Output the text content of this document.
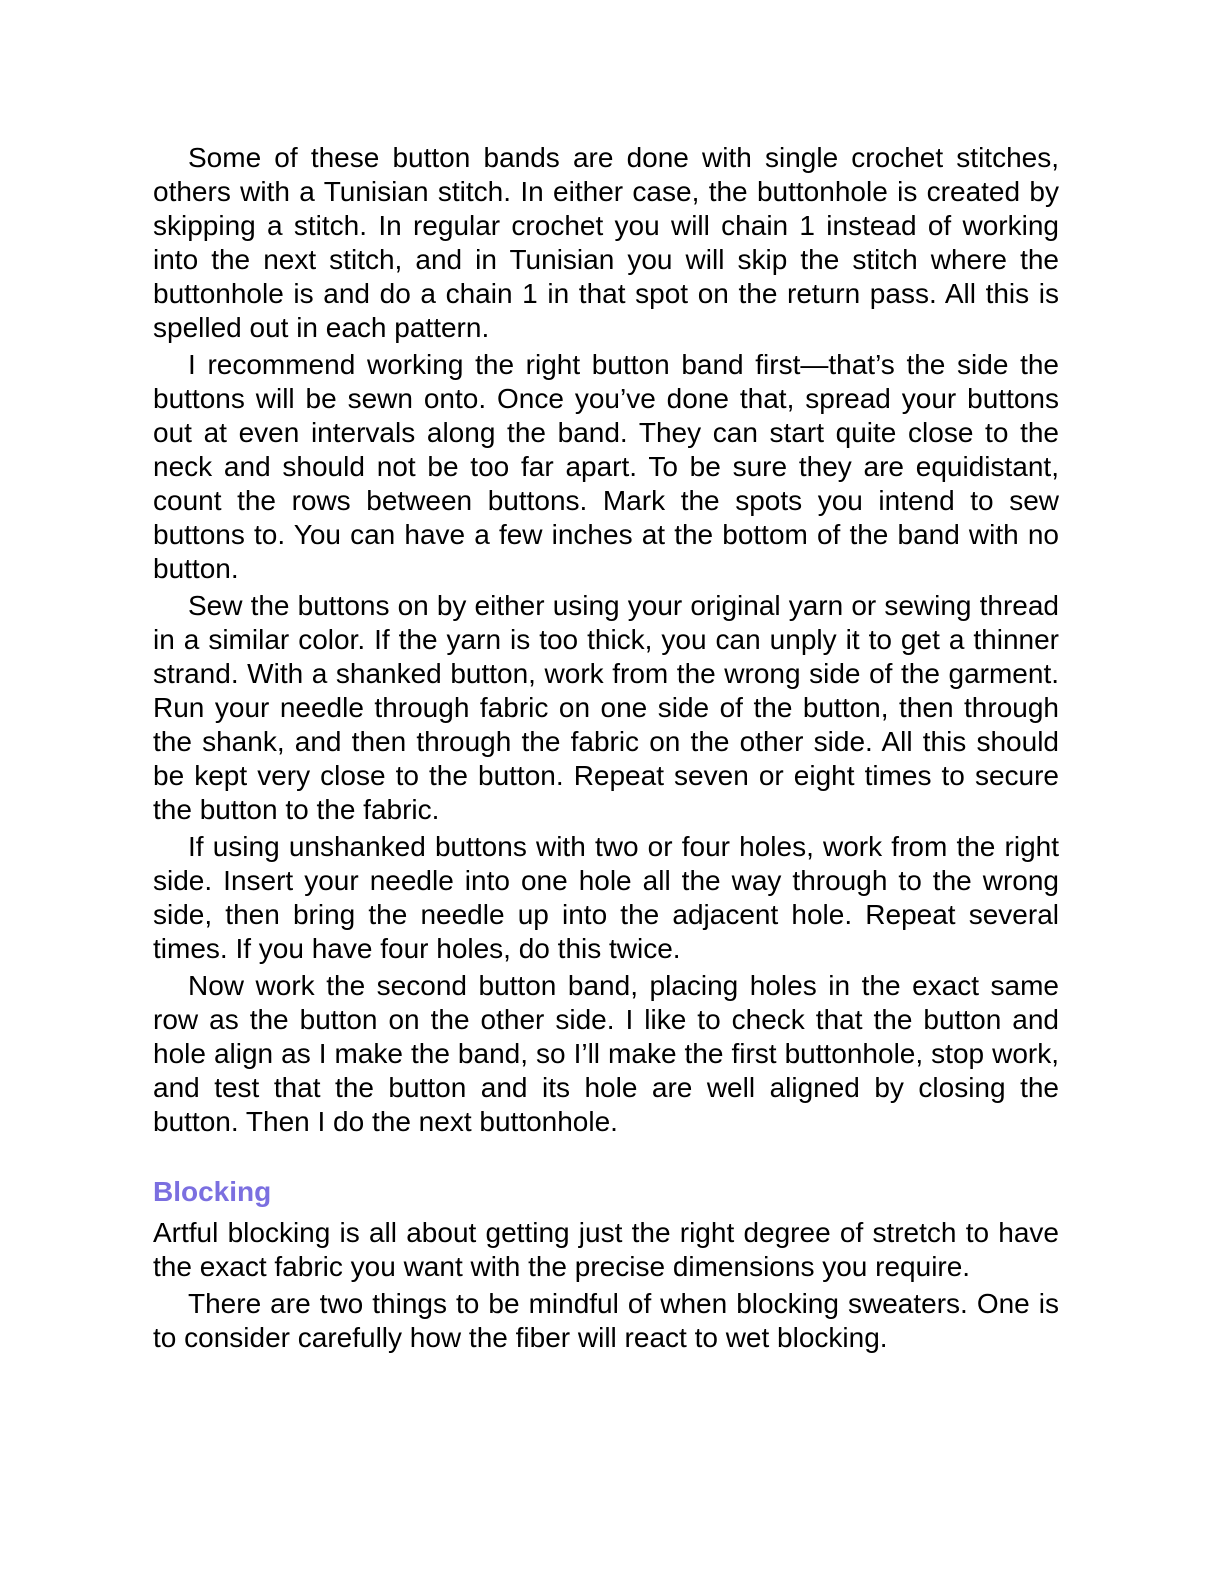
Some of these button bands are done with single crochet stitches, others with a Tunisian stitch. In either case, the buttonhole is created by skipping a stitch. In regular crochet you will chain 1 instead of working into the next stitch, and in Tunisian you will skip the stitch where the buttonhole is and do a chain 1 in that spot on the return pass. All this is spelled out in each pattern.

I recommend working the right button band first—that’s the side the buttons will be sewn onto. Once you’ve done that, spread your buttons out at even intervals along the band. They can start quite close to the neck and should not be too far apart. To be sure they are equidistant, count the rows between buttons. Mark the spots you intend to sew buttons to. You can have a few inches at the bottom of the band with no button.

Sew the buttons on by either using your original yarn or sewing thread in a similar color. If the yarn is too thick, you can unply it to get a thinner strand. With a shanked button, work from the wrong side of the garment. Run your needle through fabric on one side of the button, then through the shank, and then through the fabric on the other side. All this should be kept very close to the button. Repeat seven or eight times to secure the button to the fabric.

If using unshanked buttons with two or four holes, work from the right side. Insert your needle into one hole all the way through to the wrong side, then bring the needle up into the adjacent hole. Repeat several times. If you have four holes, do this twice.

Now work the second button band, placing holes in the exact same row as the button on the other side. I like to check that the button and hole align as I make the band, so I’ll make the first buttonhole, stop work, and test that the button and its hole are well aligned by closing the button. Then I do the next buttonhole.

Blocking

Artful blocking is all about getting just the right degree of stretch to have the exact fabric you want with the precise dimensions you require.

There are two things to be mindful of when blocking sweaters. One is to consider carefully how the fiber will react to wet blocking.
